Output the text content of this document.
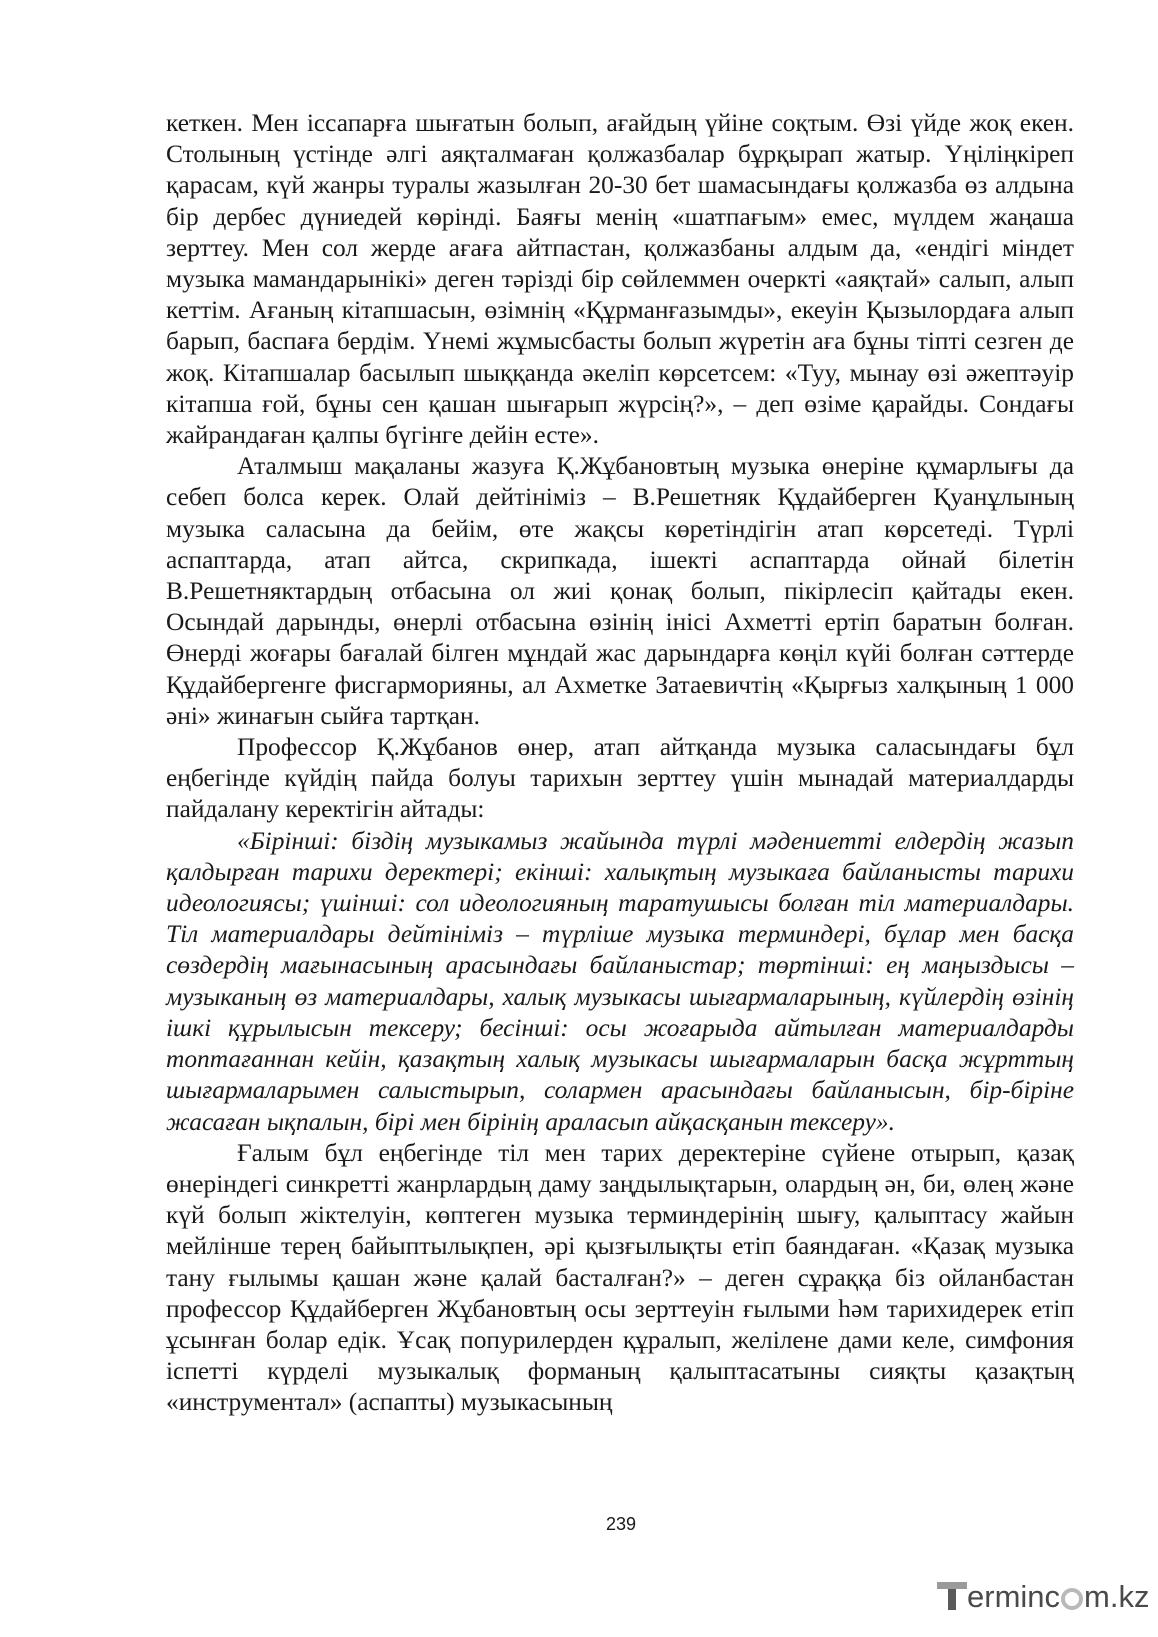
кеткен. Мен іссапарға шығатын болып, ағайдың үйіне соқтым. Өзі үйде жоқ екен. Столының үстінде әлгі аяқталмаған қолжазбалар бұрқырап жатыр. Үңіліңкіреп қарасам, күй жанры туралы жазылған 20-30 бет шамасындағы қолжазба өз алдына бір дербес дүниедей көрінді. Баяғы менің «шатпағым» емес, мүлдем жаңаша зерттеу. Мен сол жерде ағаға айтпастан, қолжазбаны алдым да, «ендігі міндет музыка мамандарынікі» деген тәрізді бір сөйлеммен очеркті «аяқтай» салып, алып кеттім. Ағаның кітапшасын, өзімнің «Құрманғазымды», екеуін Қызылордаға алып барып, баспаға бердім. Үнемі жұмысбасты болып жүретін аға бұны тіпті сезген де жоқ. Кітапшалар басылып шыққанда әкеліп көрсетсем: «Туу, мынау өзі әжептәуір кітапша ғой, бұны сен қашан шығарып жүрсің?», – деп өзіме қарайды. Сондағы жайрандаған қалпы бүгінге дейін есте».

Аталмыш мақаланы жазуға Қ.Жұбановтың музыка өнеріне құмарлығы да себеп болса керек. Олай дейтініміз – В.Решетняк Құдайберген Қуанұлының музыка саласына да бейім, өте жақсы көретіндігін атап көрсетеді. Түрлі аспаптарда, атап айтса, скрипкада, ішекті аспаптарда ойнай білетін В.Решетняктардың отбасына ол жиі қонақ болып, пікірлесіп қайтады екен. Осындай дарынды, өнерлі отбасына өзінің інісі Ахметті ертіп баратын болған. Өнерді жоғары бағалай білген мұндай жас дарындарға көңіл күйі болған сәттерде Құдайбергенге фисгарморияны, ал Ахметке Затаевичтің «Қырғыз халқының 1 000 әні» жинағын сыйға тартқан.

Профессор Қ.Жұбанов өнер, атап айтқанда музыка саласындағы бұл еңбегінде күйдің пайда болуы тарихын зерттеу үшін мынадай материалдарды пайдалану керектігін айтады:

«Бірінші: біздің музыкамыз жайында түрлі мәдениетті елдердің жазып қалдырған тарихи деректері; екінші: халықтың музыкаға байланысты тарихи идеологиясы; үшінші: сол идеологияның таратушысы болған тіл материалдары. Тіл материалдары дейтініміз – түрліше музыка терминдері, бұлар мен басқа сөздердің мағынасының арасындағы байланыстар; төртінші: ең маңыздысы – музыканың өз материалдары, халық музыкасы шығармаларының, күйлердің өзінің ішкі құрылысын тексеру; бесінші: осы жоғарыда айтылған материалдарды топтағаннан кейін, қазақтың халық музыкасы шығармаларын басқа жұрттың шығармаларымен салыстырып, солармен арасындағы байланысын, бір-біріне жасаған ықпалын, бірі мен бірінің араласып айқасқанын тексеру».

Ғалым бұл еңбегінде тіл мен тарих деректеріне сүйене отырып, қазақ өнеріндегі синкретті жанрлардың даму заңдылықтарын, олардың ән, би, өлең және күй болып жіктелуін, көптеген музыка терминдерінің шығу, қалыптасу жайын мейлінше терең байыптылықпен, әрі қызғылықты етіп баяндаған. «Қазақ музыка тану ғылымы қашан және қалай басталған?» – деген сұраққа біз ойланбастан профессор Құдайберген Жұбановтың осы зерттеуін ғылыми һәм тарихидерек етіп ұсынған болар едік. Ұсақ попурилерден құралып, желілене дами келе, симфония іспетті күрделі музыкалық форманың қалыптасатыны сияқты қазақтың «инструментал» (аспапты) музыкасының

239
erminc m.kz
